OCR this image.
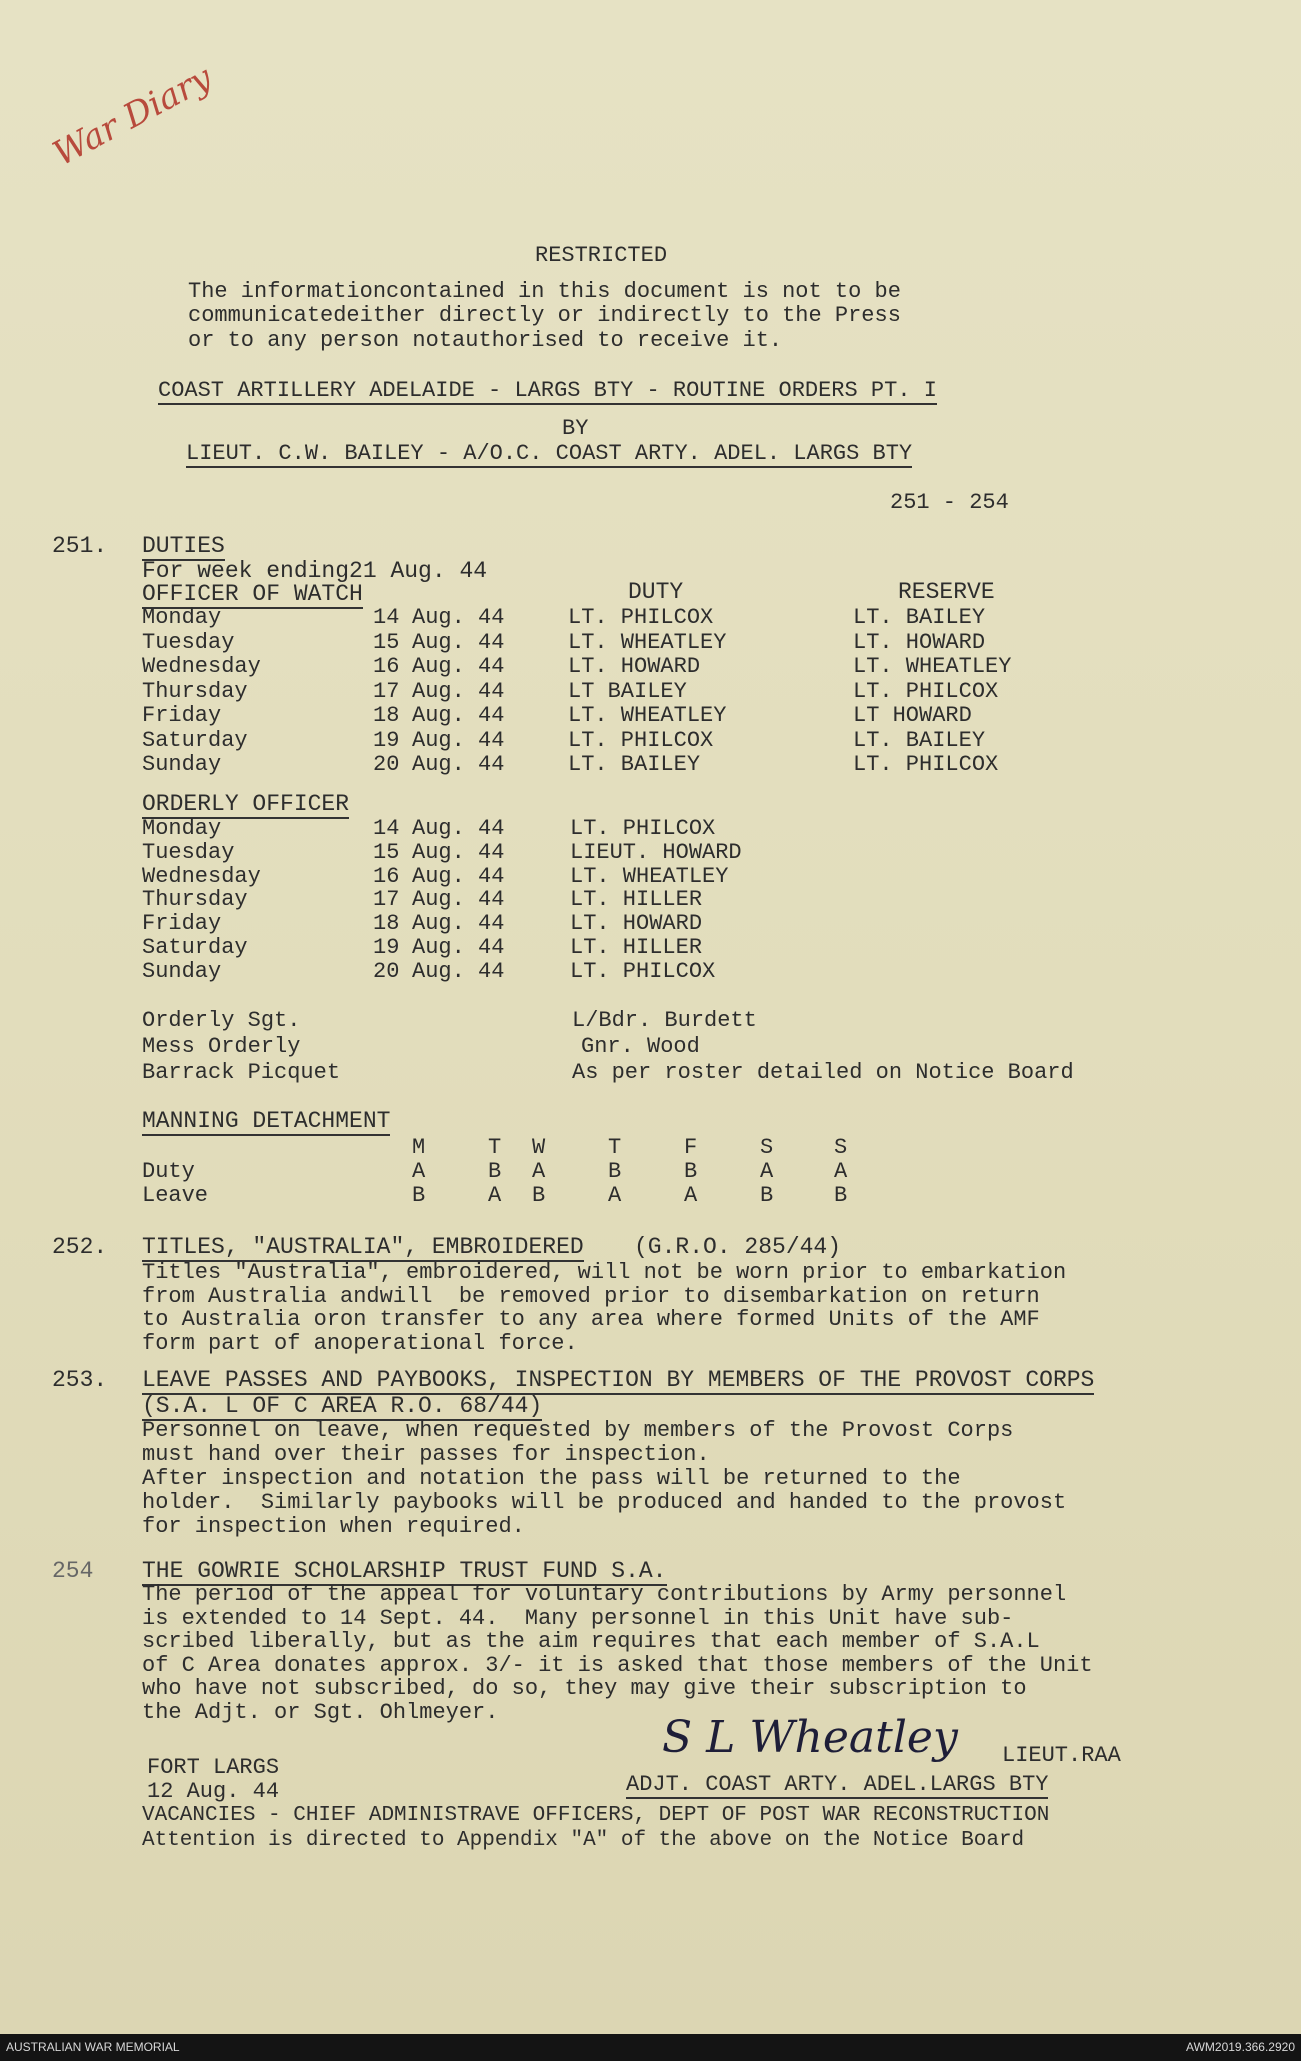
War Diary
RESTRICTED
The informationcontained in this document is not to be
communicatedeither directly or indirectly to the Press
or to any person notauthorised to receive it.
COAST ARTILLERY ADELAIDE - LARGS BTY - ROUTINE ORDERS PT. I
BY
LIEUT. C.W. BAILEY - A/O.C. COAST ARTY. ADEL. LARGS BTY
251 - 254
251. DUTIES
For week ending21 Aug. 44
OFFICER OF WATCH	DUTY	RESERVE
Monday	14 Aug. 44	LT. PHILCOX	LT. BAILEY
Tuesday	15 Aug. 44	LT. WHEATLEY	LT. HOWARD
Wednesday	16 Aug. 44	LT. HOWARD	LT. WHEATLEY
Thursday	17 Aug. 44	LT BAILEY	LT. PHILCOX
Friday	18 Aug. 44	LT. WHEATLEY	LT HOWARD
Saturday	19 Aug. 44	LT. PHILCOX	LT. BAILEY
Sunday	20 Aug. 44	LT. BAILEY	LT. PHILCOX
ORDERLY OFFICER
Monday	14 Aug. 44	LT. PHILCOX
Tuesday	15 Aug. 44	LIEUT. HOWARD
Wednesday	16 Aug. 44	LT. WHEATLEY
Thursday	17 Aug. 44	LT. HILLER
Friday	18 Aug. 44	LT. HOWARD
Saturday	19 Aug. 44	LT. HILLER
Sunday	20 Aug. 44	LT. PHILCOX
Orderly Sgt.	L/Bdr. Burdett
Mess Orderly	Gnr. Wood
Barrack Picquet	As per roster detailed on Notice Board
MANNING DETACHMENT
M	T W	T	F	S	S
Duty	A	B A	B	B	A	A
Leave	B	A B	A	A	B	B
252. TITLES, "AUSTRALIA", EMBROIDERED (G.R.O. 285/44)
Titles "Australia", embroidered, will not be worn prior to embarkation
from Australia andwill  be removed prior to disembarkation on return
to Australia oron transfer to any area where formed Units of the AMF
form part of anoperational force.
253. LEAVE PASSES AND PAYBOOKS, INSPECTION BY MEMBERS OF THE PROVOST CORPS
(S.A. L OF C AREA R.O. 68/44)
Personnel on leave, when requested by members of the Provost Corps
must hand over their passes for inspection.
After inspection and notation the pass will be returned to the
holder.  Similarly paybooks will be produced and handed to the provost
for inspection when required.
254 THE GOWRIE SCHOLARSHIP TRUST FUND S.A.
The period of the appeal for voluntary contributions by Army personnel
is extended to 14 Sept. 44.  Many personnel in this Unit have sub-
scribed liberally, but as the aim requires that each member of S.A.L
of C Area donates approx. 3/- it is asked that those members of the Unit
who have not subscribed, do so, they may give their subscription to
the Adjt. or Sgt. Ohlmeyer.	S L Wheatley LIEUT.RAA
ADJT. COAST ARTY. ADEL.LARGS BTY
FORT LARGS
12 Aug. 44
VACANCIES - CHIEF ADMINISTRAVE OFFICERS, DEPT OF POST WAR RECONSTRUCTION
Attention is directed to Appendix "A" of the above on the Notice Board
AUSTRALIAN WAR MEMORIAL	AWM2019.366.2920
